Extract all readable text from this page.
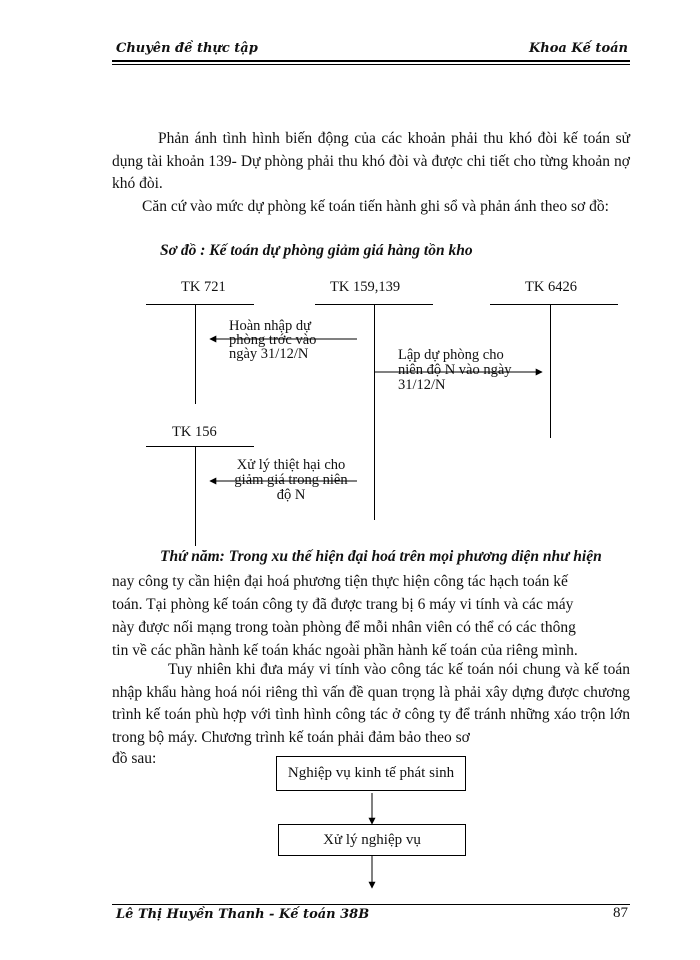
Chuyên đề thực tập	Khoa Kế toán

Phản ánh tình hình biến động của các khoản phải thu khó đòi kế toán sử dụng tài khoản 139- Dự phòng phải thu khó đòi và được chi tiết cho từng khoản nợ khó đòi.

Căn cứ vào mức dự phòng kế toán tiến hành ghi sổ và phản ánh theo sơ đồ:

Sơ đồ : Kế toán dự phòng giảm giá hàng tồn kho
TK 721	TK 159,139	TK 6426
TK 156
Hoàn nhập dự
phòng trớc vào
ngày 31/12/N	Lập dự phòng cho
niên độ N vào ngày
31/12/N
Xử lý thiệt hại cho
giảm giá trong niên
độ N
Thứ năm: Trong xu thế hiện đại hoá trên mọi phương diện như hiện
nay công ty cần hiện đại hoá phương tiện thực hiện công tác hạch toán kế
toán. Tại phòng kế toán công ty đã được trang bị 6 máy vi tính và các máy
này được nối mạng trong toàn phòng để mỗi nhân viên có thể có các thông
tin về các phần hành kế toán khác ngoài phần hành kế toán của riêng mình.

Tuy nhiên khi đưa máy vi tính vào công tác kế toán nói chung và kế toán nhập khẩu hàng hoá nói riêng thì vấn đề quan trọng là phải xây dựng được chương trình kế toán phù hợp với tình hình công tác ở công ty để tránh những xáo trộn lớn trong bộ máy. Chương trình kế toán phải đảm bảo theo sơ

đồ sau:
Nghiệp vụ kinh tế phát sinh
Xử lý nghiệp vụ
Lê Thị Huyền Thanh - Kế toán 38B	87
